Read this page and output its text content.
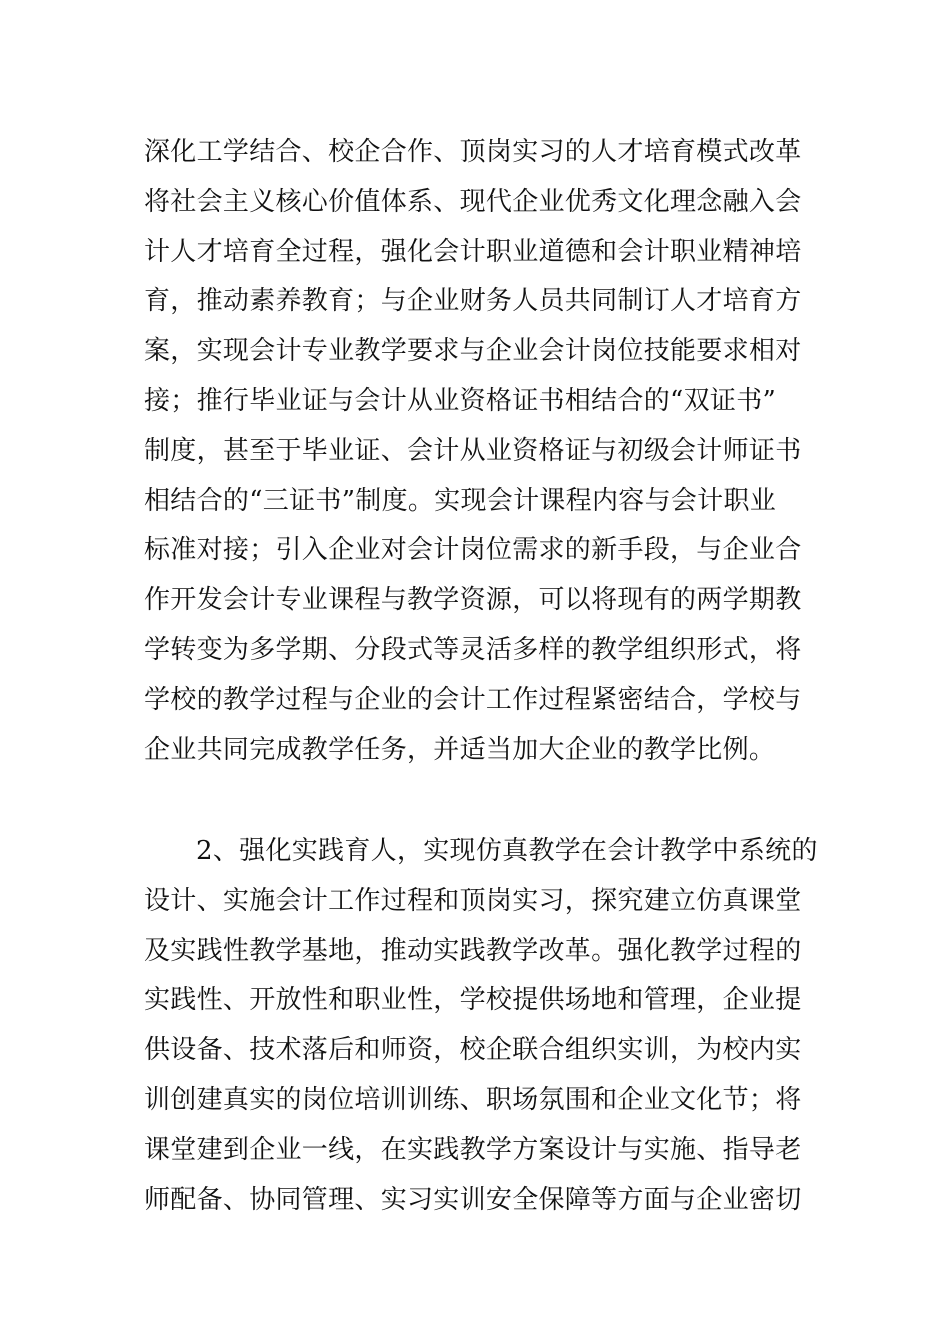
深化工学结合、校企合作、顶岗实习的人才培育模式改革
将社会主义核心价值体系、现代企业优秀文化理念融入会
计人才培育全过程，强化会计职业道德和会计职业精神培
育，推动素养教育；与企业财务人员共同制订人才培育方
案，实现会计专业教学要求与企业会计岗位技能要求相对
接；推行毕业证与会计从业资格证书相结合的“双证书”
制度，甚至于毕业证、会计从业资格证与初级会计师证书
相结合的“三证书”制度。实现会计课程内容与会计职业
标准对接；引入企业对会计岗位需求的新手段，与企业合
作开发会计专业课程与教学资源，可以将现有的两学期教
学转变为多学期、分段式等灵活多样的教学组织形式，将
学校的教学过程与企业的会计工作过程紧密结合，学校与
企业共同完成教学任务，并适当加大企业的教学比例。
2、强化实践育人，实现仿真教学在会计教学中系统的
设计、实施会计工作过程和顶岗实习，探究建立仿真课堂
及实践性教学基地，推动实践教学改革。强化教学过程的
实践性、开放性和职业性，学校提供场地和管理，企业提
供设备、技术落后和师资，校企联合组织实训，为校内实
训创建真实的岗位培训训练、职场氛围和企业文化节；将
课堂建到企业一线，在实践教学方案设计与实施、指导老
师配备、协同管理、实习实训安全保障等方面与企业密切
